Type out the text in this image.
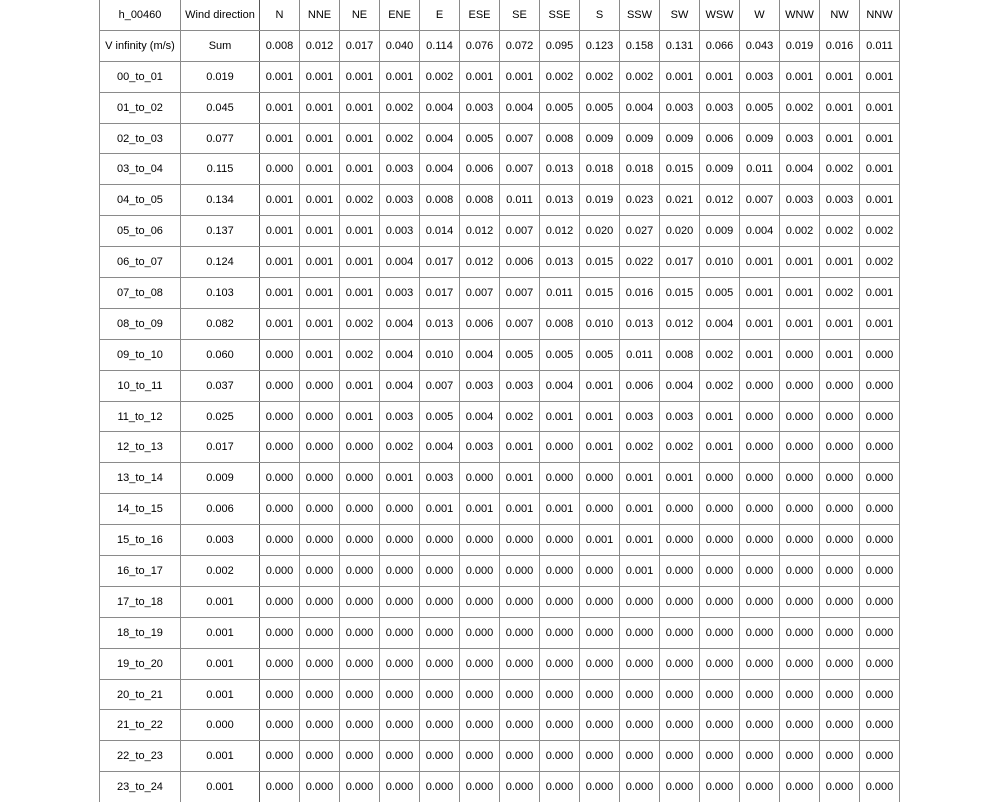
h_00460	Wind direction	N	NNE	NE	ENE	E	ESE	SE	SSE	S	SSW	SW	WSW	W	WNW	NW	NNW
V infinity (m/s)	Sum	0.008	0.012	0.017	0.040	0.114	0.076	0.072	0.095	0.123	0.158	0.131	0.066	0.043	0.019	0.016	0.011
00_to_01	0.019	0.001	0.001	0.001	0.001	0.002	0.001	0.001	0.002	0.002	0.002	0.001	0.001	0.003	0.001	0.001	0.001
01_to_02	0.045	0.001	0.001	0.001	0.002	0.004	0.003	0.004	0.005	0.005	0.004	0.003	0.003	0.005	0.002	0.001	0.001
02_to_03	0.077	0.001	0.001	0.001	0.002	0.004	0.005	0.007	0.008	0.009	0.009	0.009	0.006	0.009	0.003	0.001	0.001
03_to_04	0.115	0.000	0.001	0.001	0.003	0.004	0.006	0.007	0.013	0.018	0.018	0.015	0.009	0.011	0.004	0.002	0.001
04_to_05	0.134	0.001	0.001	0.002	0.003	0.008	0.008	0.011	0.013	0.019	0.023	0.021	0.012	0.007	0.003	0.003	0.001
05_to_06	0.137	0.001	0.001	0.001	0.003	0.014	0.012	0.007	0.012	0.020	0.027	0.020	0.009	0.004	0.002	0.002	0.002
06_to_07	0.124	0.001	0.001	0.001	0.004	0.017	0.012	0.006	0.013	0.015	0.022	0.017	0.010	0.001	0.001	0.001	0.002
07_to_08	0.103	0.001	0.001	0.001	0.003	0.017	0.007	0.007	0.011	0.015	0.016	0.015	0.005	0.001	0.001	0.002	0.001
08_to_09	0.082	0.001	0.001	0.002	0.004	0.013	0.006	0.007	0.008	0.010	0.013	0.012	0.004	0.001	0.001	0.001	0.001
09_to_10	0.060	0.000	0.001	0.002	0.004	0.010	0.004	0.005	0.005	0.005	0.011	0.008	0.002	0.001	0.000	0.001	0.000
10_to_11	0.037	0.000	0.000	0.001	0.004	0.007	0.003	0.003	0.004	0.001	0.006	0.004	0.002	0.000	0.000	0.000	0.000
11_to_12	0.025	0.000	0.000	0.001	0.003	0.005	0.004	0.002	0.001	0.001	0.003	0.003	0.001	0.000	0.000	0.000	0.000
12_to_13	0.017	0.000	0.000	0.000	0.002	0.004	0.003	0.001	0.000	0.001	0.002	0.002	0.001	0.000	0.000	0.000	0.000
13_to_14	0.009	0.000	0.000	0.000	0.001	0.003	0.000	0.001	0.000	0.000	0.001	0.001	0.000	0.000	0.000	0.000	0.000
14_to_15	0.006	0.000	0.000	0.000	0.000	0.001	0.001	0.001	0.001	0.000	0.001	0.000	0.000	0.000	0.000	0.000	0.000
15_to_16	0.003	0.000	0.000	0.000	0.000	0.000	0.000	0.000	0.000	0.001	0.001	0.000	0.000	0.000	0.000	0.000	0.000
16_to_17	0.002	0.000	0.000	0.000	0.000	0.000	0.000	0.000	0.000	0.000	0.001	0.000	0.000	0.000	0.000	0.000	0.000
17_to_18	0.001	0.000	0.000	0.000	0.000	0.000	0.000	0.000	0.000	0.000	0.000	0.000	0.000	0.000	0.000	0.000	0.000
18_to_19	0.001	0.000	0.000	0.000	0.000	0.000	0.000	0.000	0.000	0.000	0.000	0.000	0.000	0.000	0.000	0.000	0.000
19_to_20	0.001	0.000	0.000	0.000	0.000	0.000	0.000	0.000	0.000	0.000	0.000	0.000	0.000	0.000	0.000	0.000	0.000
20_to_21	0.001	0.000	0.000	0.000	0.000	0.000	0.000	0.000	0.000	0.000	0.000	0.000	0.000	0.000	0.000	0.000	0.000
21_to_22	0.000	0.000	0.000	0.000	0.000	0.000	0.000	0.000	0.000	0.000	0.000	0.000	0.000	0.000	0.000	0.000	0.000
22_to_23	0.001	0.000	0.000	0.000	0.000	0.000	0.000	0.000	0.000	0.000	0.000	0.000	0.000	0.000	0.000	0.000	0.000
23_to_24	0.001	0.000	0.000	0.000	0.000	0.000	0.000	0.000	0.000	0.000	0.000	0.000	0.000	0.000	0.000	0.000	0.000
